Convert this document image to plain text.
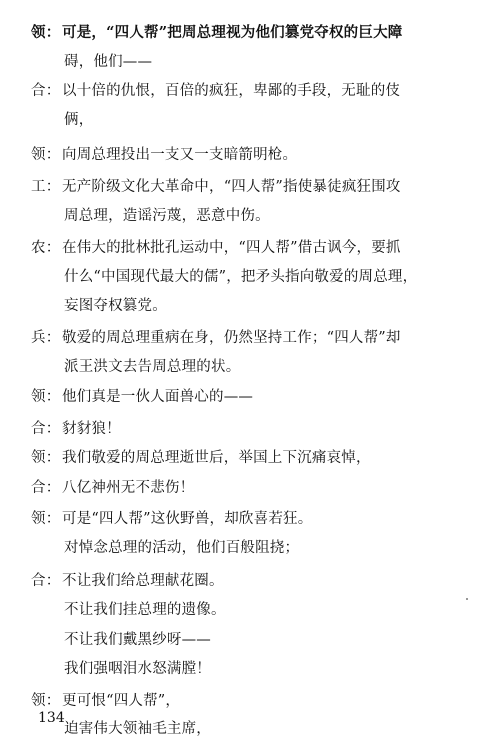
领： 可是，“四人帮”把周总理视为他们篡党夺权的巨大障
碍，他们——
合： 以十倍的仇恨，百倍的疯狂，卑鄙的手段，无耻的伎
俩，
领： 向周总理投出一支又一支暗箭明枪。
工： 无产阶级文化大革命中，“四人帮”指使暴徒疯狂围攻
周总理，造谣污蔑，恶意中伤。
农： 在伟大的批林批孔运动中，“四人帮”借古讽今，要抓
什么“中国现代最大的儒”，把矛头指向敬爱的周总理，
妄图夺权篡党。
兵： 敬爱的周总理重病在身，仍然坚持工作；“四人帮”却
派王洪文去告周总理的状。
领： 他们真是一伙人面兽心的——
合： 豺豺狼！
领： 我们敬爱的周总理逝世后，举国上下沉痛哀悼，
合： 八亿神州无不悲伤！
领： 可是“四人帮”这伙野兽，却欣喜若狂。
对悼念总理的活动，他们百般阻挠；
合： 不让我们给总理献花圈。
不让我们挂总理的遗像。
不让我们戴黑纱呀——
我们强咽泪水怒满膛！
领： 更可恨“四人帮”，
迫害伟大领袖毛主席，
134
